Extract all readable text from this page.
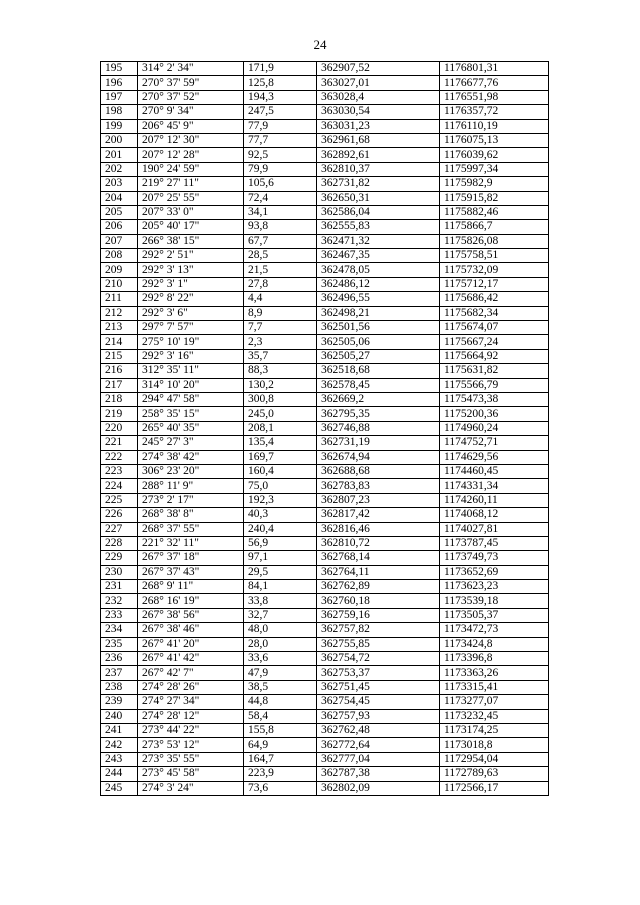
24
195	314° 2' 34"	171,9	362907,52	1176801,31
196	270° 37' 59"	125,8	363027,01	1176677,76
197	270° 37' 52"	194,3	363028,4	1176551,98
198	270° 9' 34"	247,5	363030,54	1176357,72
199	206° 45' 9"	77,9	363031,23	1176110,19
200	207° 12' 30"	77,7	362961,68	1176075,13
201	207° 12' 28"	92,5	362892,61	1176039,62
202	190° 24' 59"	79,9	362810,37	1175997,34
203	219° 27' 11"	105,6	362731,82	1175982,9
204	207° 25' 55"	72,4	362650,31	1175915,82
205	207° 33' 0"	34,1	362586,04	1175882,46
206	205° 40' 17"	93,8	362555,83	1175866,7
207	266° 38' 15"	67,7	362471,32	1175826,08
208	292° 2' 51"	28,5	362467,35	1175758,51
209	292° 3' 13"	21,5	362478,05	1175732,09
210	292° 3' 1"	27,8	362486,12	1175712,17
211	292° 8' 22"	4,4	362496,55	1175686,42
212	292° 3' 6"	8,9	362498,21	1175682,34
213	297° 7' 57"	7,7	362501,56	1175674,07
214	275° 10' 19"	2,3	362505,06	1175667,24
215	292° 3' 16"	35,7	362505,27	1175664,92
216	312° 35' 11"	88,3	362518,68	1175631,82
217	314° 10' 20"	130,2	362578,45	1175566,79
218	294° 47' 58"	300,8	362669,2	1175473,38
219	258° 35' 15"	245,0	362795,35	1175200,36
220	265° 40' 35"	208,1	362746,88	1174960,24
221	245° 27' 3"	135,4	362731,19	1174752,71
222	274° 38' 42"	169,7	362674,94	1174629,56
223	306° 23' 20"	160,4	362688,68	1174460,45
224	288° 11' 9"	75,0	362783,83	1174331,34
225	273° 2' 17"	192,3	362807,23	1174260,11
226	268° 38' 8"	40,3	362817,42	1174068,12
227	268° 37' 55"	240,4	362816,46	1174027,81
228	221° 32' 11"	56,9	362810,72	1173787,45
229	267° 37' 18"	97,1	362768,14	1173749,73
230	267° 37' 43"	29,5	362764,11	1173652,69
231	268° 9' 11"	84,1	362762,89	1173623,23
232	268° 16' 19"	33,8	362760,18	1173539,18
233	267° 38' 56"	32,7	362759,16	1173505,37
234	267° 38' 46"	48,0	362757,82	1173472,73
235	267° 41' 20"	28,0	362755,85	1173424,8
236	267° 41' 42"	33,6	362754,72	1173396,8
237	267° 42' 7"	47,9	362753,37	1173363,26
238	274° 28' 26"	38,5	362751,45	1173315,41
239	274° 27' 34"	44,8	362754,45	1173277,07
240	274° 28' 12"	58,4	362757,93	1173232,45
241	273° 44' 22"	155,8	362762,48	1173174,25
242	273° 53' 12"	64,9	362772,64	1173018,8
243	273° 35' 55"	164,7	362777,04	1172954,04
244	273° 45' 58"	223,9	362787,38	1172789,63
245	274° 3' 24"	73,6	362802,09	1172566,17
